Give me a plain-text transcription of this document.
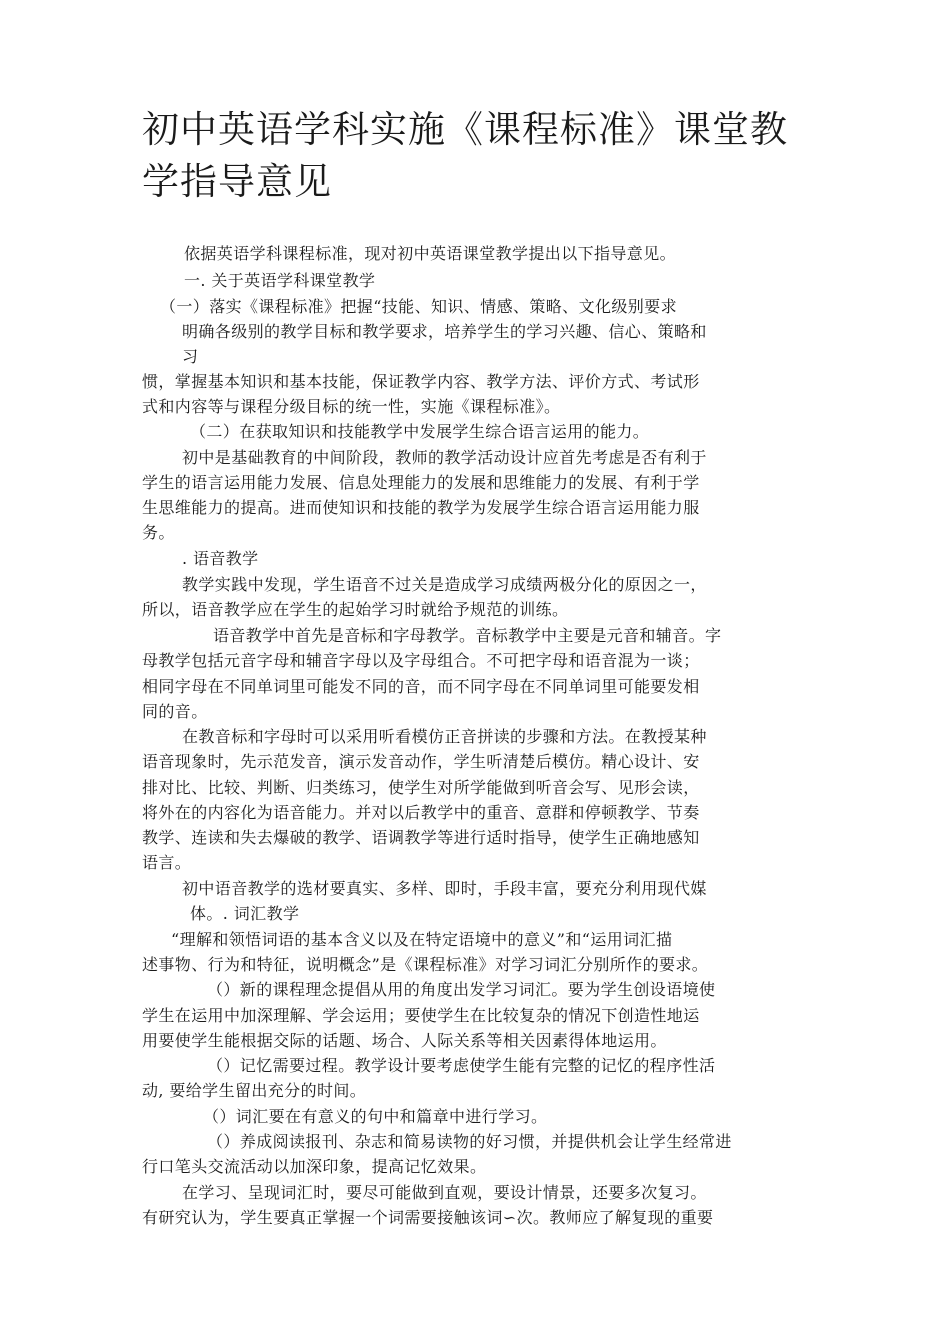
初中英语学科实施《课程标准》课堂教
学指导意见
依据英语学科课程标准，现对初中英语课堂教学提出以下指导意见。
一. 关于英语学科课堂教学
（一）落实《课程标准》把握“技能、知识、情感、策略、文化级别要求
明确各级别的教学目标和教学要求，培养学生的学习兴趣、信心、策略和
习
惯，掌握基本知识和基本技能，保证教学内容、教学方法、评价方式、考试形
式和内容等与课程分级目标的统一性，实施《课程标准》。
（二）在获取知识和技能教学中发展学生综合语言运用的能力。
初中是基础教育的中间阶段，教师的教学活动设计应首先考虑是否有利于
学生的语言运用能力发展、信息处理能力的发展和思维能力的发展、有利于学
生思维能力的提高。进而使知识和技能的教学为发展学生综合语言运用能力服
务。
. 语音教学
教学实践中发现，学生语音不过关是造成学习成绩两极分化的原因之一，
所以，语音教学应在学生的起始学习时就给予规范的训练。
语音教学中首先是音标和字母教学。音标教学中主要是元音和辅音。字
母教学包括元音字母和辅音字母以及字母组合。不可把字母和语音混为一谈；
相同字母在不同单词里可能发不同的音，而不同字母在不同单词里可能要发相
同的音。
在教音标和字母时可以采用听看模仿正音拼读的步骤和方法。在教授某种
语音现象时，先示范发音，演示发音动作，学生听清楚后模仿。精心设计、安
排对比、比较、判断、归类练习，使学生对所学能做到听音会写、见形会读，
将外在的内容化为语音能力。并对以后教学中的重音、意群和停顿教学、节奏
教学、连读和失去爆破的教学、语调教学等进行适时指导，使学生正确地感知
语言。
初中语音教学的选材要真实、多样、即时，手段丰富，要充分利用现代媒
体。. 词汇教学
“理解和领悟词语的基本含义以及在特定语境中的意义”和“运用词汇描
述事物、行为和特征，说明概念”是《课程标准》对学习词汇分别所作的要求。
（）新的课程理念提倡从用的角度出发学习词汇。要为学生创设语境使
学生在运用中加深理解、学会运用；要使学生在比较复杂的情况下创造性地运
用要使学生能根据交际的话题、场合、人际关系等相关因素得体地运用。
（）记忆需要过程。教学设计要考虑使学生能有完整的记忆的程序性活
动, 要给学生留出充分的时间。
（）词汇要在有意义的句中和篇章中进行学习。
（）养成阅读报刊、杂志和简易读物的好习惯，并提供机会让学生经常进
行口笔头交流活动以加深印象，提高记忆效果。
在学习、呈现词汇时，要尽可能做到直观，要设计情景，还要多次复习。
有研究认为，学生要真正掌握一个词需要接触该词∽次。教师应了解复现的重要
